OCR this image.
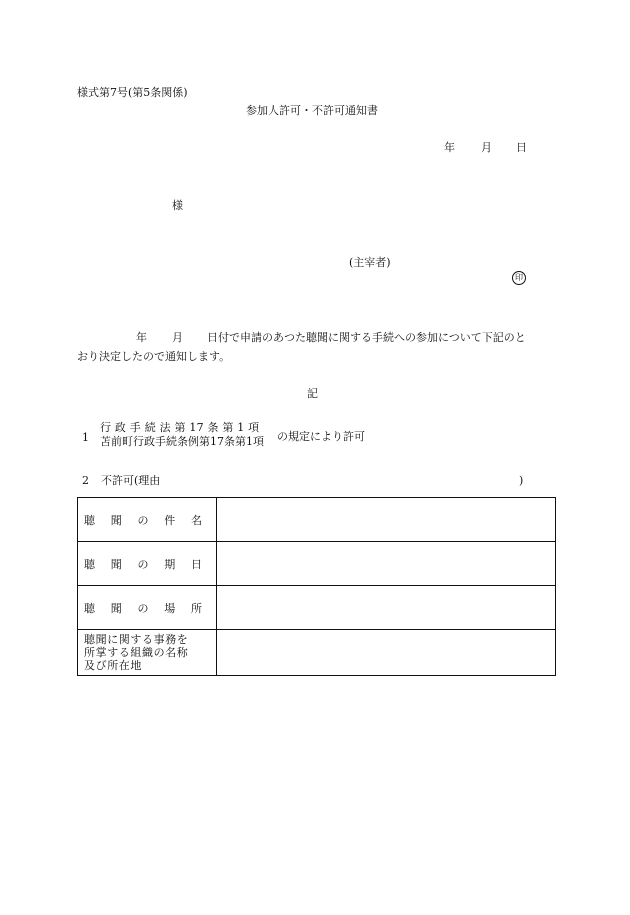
様式第7号(第5条関係)
参加人許可・不許可通知書
年 月 日
様
(主宰者)
印
年 月 日付で申請のあつた聴聞に関する手続への参加について下記のと
おり決定したので通知します。
記
1
行 政 手 続 法 第 17 条 第 1 項
苫前町行政手続条例第17条第1項	の規定により許可
2 不許可(理由	)
聴 聞 の 件 名	

聴 聞 の 期 日	

聴 聞 の 場 所	

聴聞に関する事務を
所掌する組織の名称
及び所在地	
